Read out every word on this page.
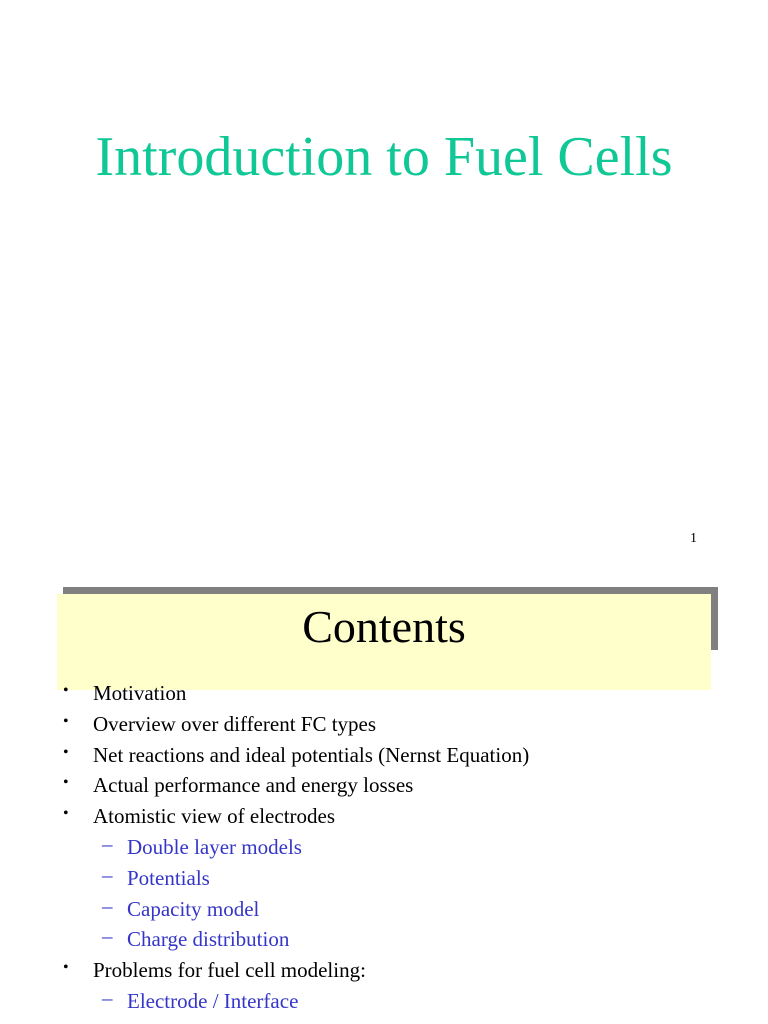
Introduction to Fuel Cells
1
Contents
• Motivation
• Overview over different FC types
• Net reactions and ideal potentials (Nernst Equation)
• Actual performance and energy losses
• Atomistic view of electrodes
– Double layer models
– Potentials
– Capacity model
– Charge distribution
• Problems for fuel cell modeling:
– Electrode / Interface
